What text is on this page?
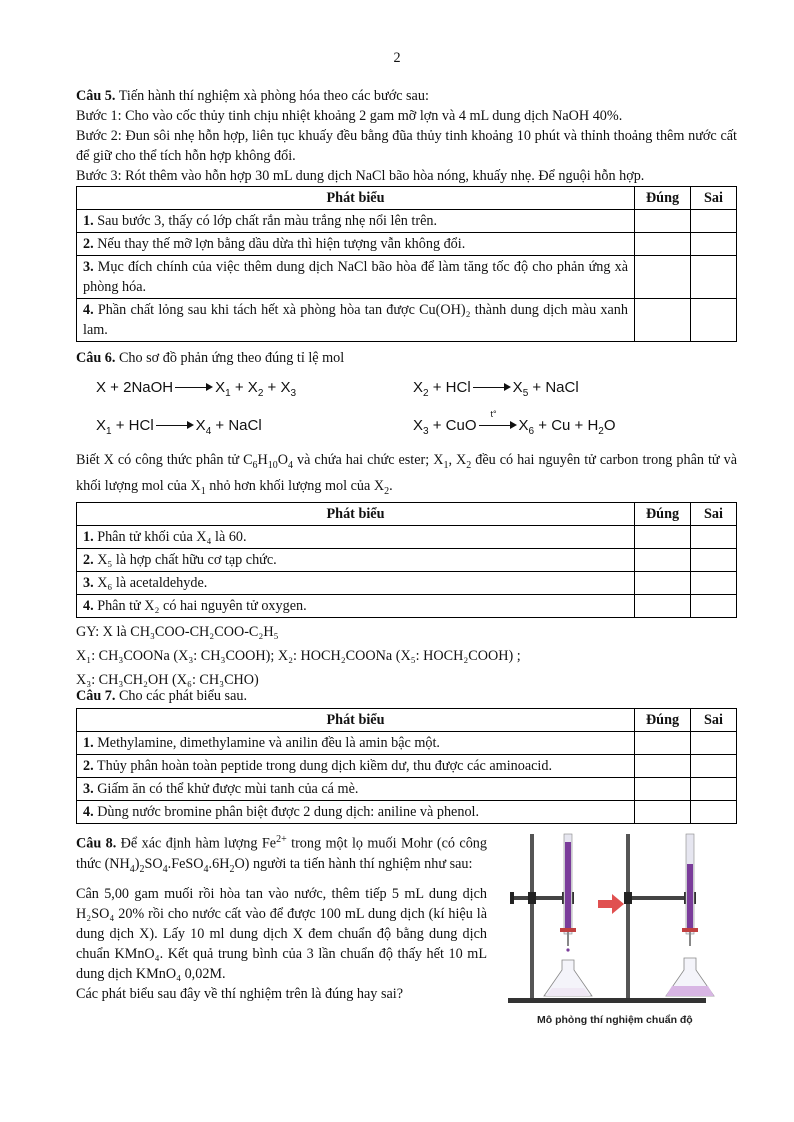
2

Câu 5. Tiến hành thí nghiệm xà phòng hóa theo các bước sau:

Bước 1: Cho vào cốc thủy tinh chịu nhiệt khoảng 2 gam mỡ lợn và 4 mL dung dịch NaOH 40%.

Bước 2: Đun sôi nhẹ hỗn hợp, liên tục khuấy đều bằng đũa thủy tinh khoảng 10 phút và thỉnh thoảng thêm nước cất để giữ cho thể tích hỗn hợp không đổi.

Bước 3: Rót thêm vào hỗn hợp 30 mL dung dịch NaCl bão hòa nóng, khuấy nhẹ. Để nguội hỗn hợp.

Phát biểu	Đúng	Sai
1. Sau bước 3, thấy có lớp chất rắn màu trắng nhẹ nổi lên trên.		
2. Nếu thay thế mỡ lợn bằng dầu dừa thì hiện tượng vẫn không đổi.		
3. Mục đích chính của việc thêm dung dịch NaCl bão hòa để làm tăng tốc độ cho phản ứng xà phòng hóa.		
4. Phần chất lỏng sau khi tách hết xà phòng hòa tan được Cu(OH)₂ thành dung dịch màu xanh lam.		

Câu 6. Cho sơ đồ phản ứng theo đúng tỉ lệ mol

X + 2NaOH	$X_1 + X_2 + X_3$	$X_2$ + HCl	$X_5$ + NaCl
$X_1$ + HCl	$X_4$ + NaCl	$X_3$ + CuO
t°
$X_6 + Cu + H_2O$

Biết X có công thức phân tử $C_6H_{10}O_4$ và chứa hai chức ester; $X_1$, $X_2$ đều có hai nguyên tử carbon trong phân tử và khối lượng mol của $X_1$ nhỏ hơn khối lượng mol của $X_2$.

Phát biểu	Đúng	Sai
1. Phân tử khối của X₄ là 60.		
2. X₅ là hợp chất hữu cơ tạp chức.		
3. X₆ là acetaldehyde.		
4. Phân tử X₂ có hai nguyên tử oxygen.		

GY: X là CH₃COO-CH₂COO-C₂H₅

X₁: CH₃COONa (X₃: CH₃COOH); X₂: HOCH₂COONa (X₅: HOCH₂COOH) ;

X₃: CH₃CH₂OH (X₆: CH₃CHO)

Câu 7. Cho các phát biểu sau.

Phát biểu	Đúng	Sai
1. Methylamine, dimethylamine và anilin đều là amin bậc một.		
2. Thủy phân hoàn toàn peptide trong dung dịch kiềm dư, thu được các aminoacid.		
3. Giấm ăn có thể khử được mùi tanh của cá mè.		
4. Dùng nước bromine phân biệt được 2 dung dịch: aniline và phenol.		

Câu 8. Để xác định hàm lượng $Fe^{2+}$ trong một lọ muối Mohr (có công thức $(NH_4)_2SO_4.FeSO_4.6H_2O$) người ta tiến hành thí nghiệm như sau:

Cân 5,00 gam muối rồi hòa tan vào nước, thêm tiếp 5 mL dung dịch H₂SO₄ 20% rồi cho nước cất vào để được 100 mL dung dịch (kí hiệu là dung dịch X). Lấy 10 ml dung dịch X đem chuẩn độ bằng dung dịch chuẩn KMnO₄. Kết quả trung bình của 3 lần chuẩn độ thấy hết 10 mL dung dịch KMnO₄ 0,02M.

Các phát biểu sau đây về thí nghiệm trên là đúng hay sai?

Mô phỏng thí nghiệm chuẩn độ
